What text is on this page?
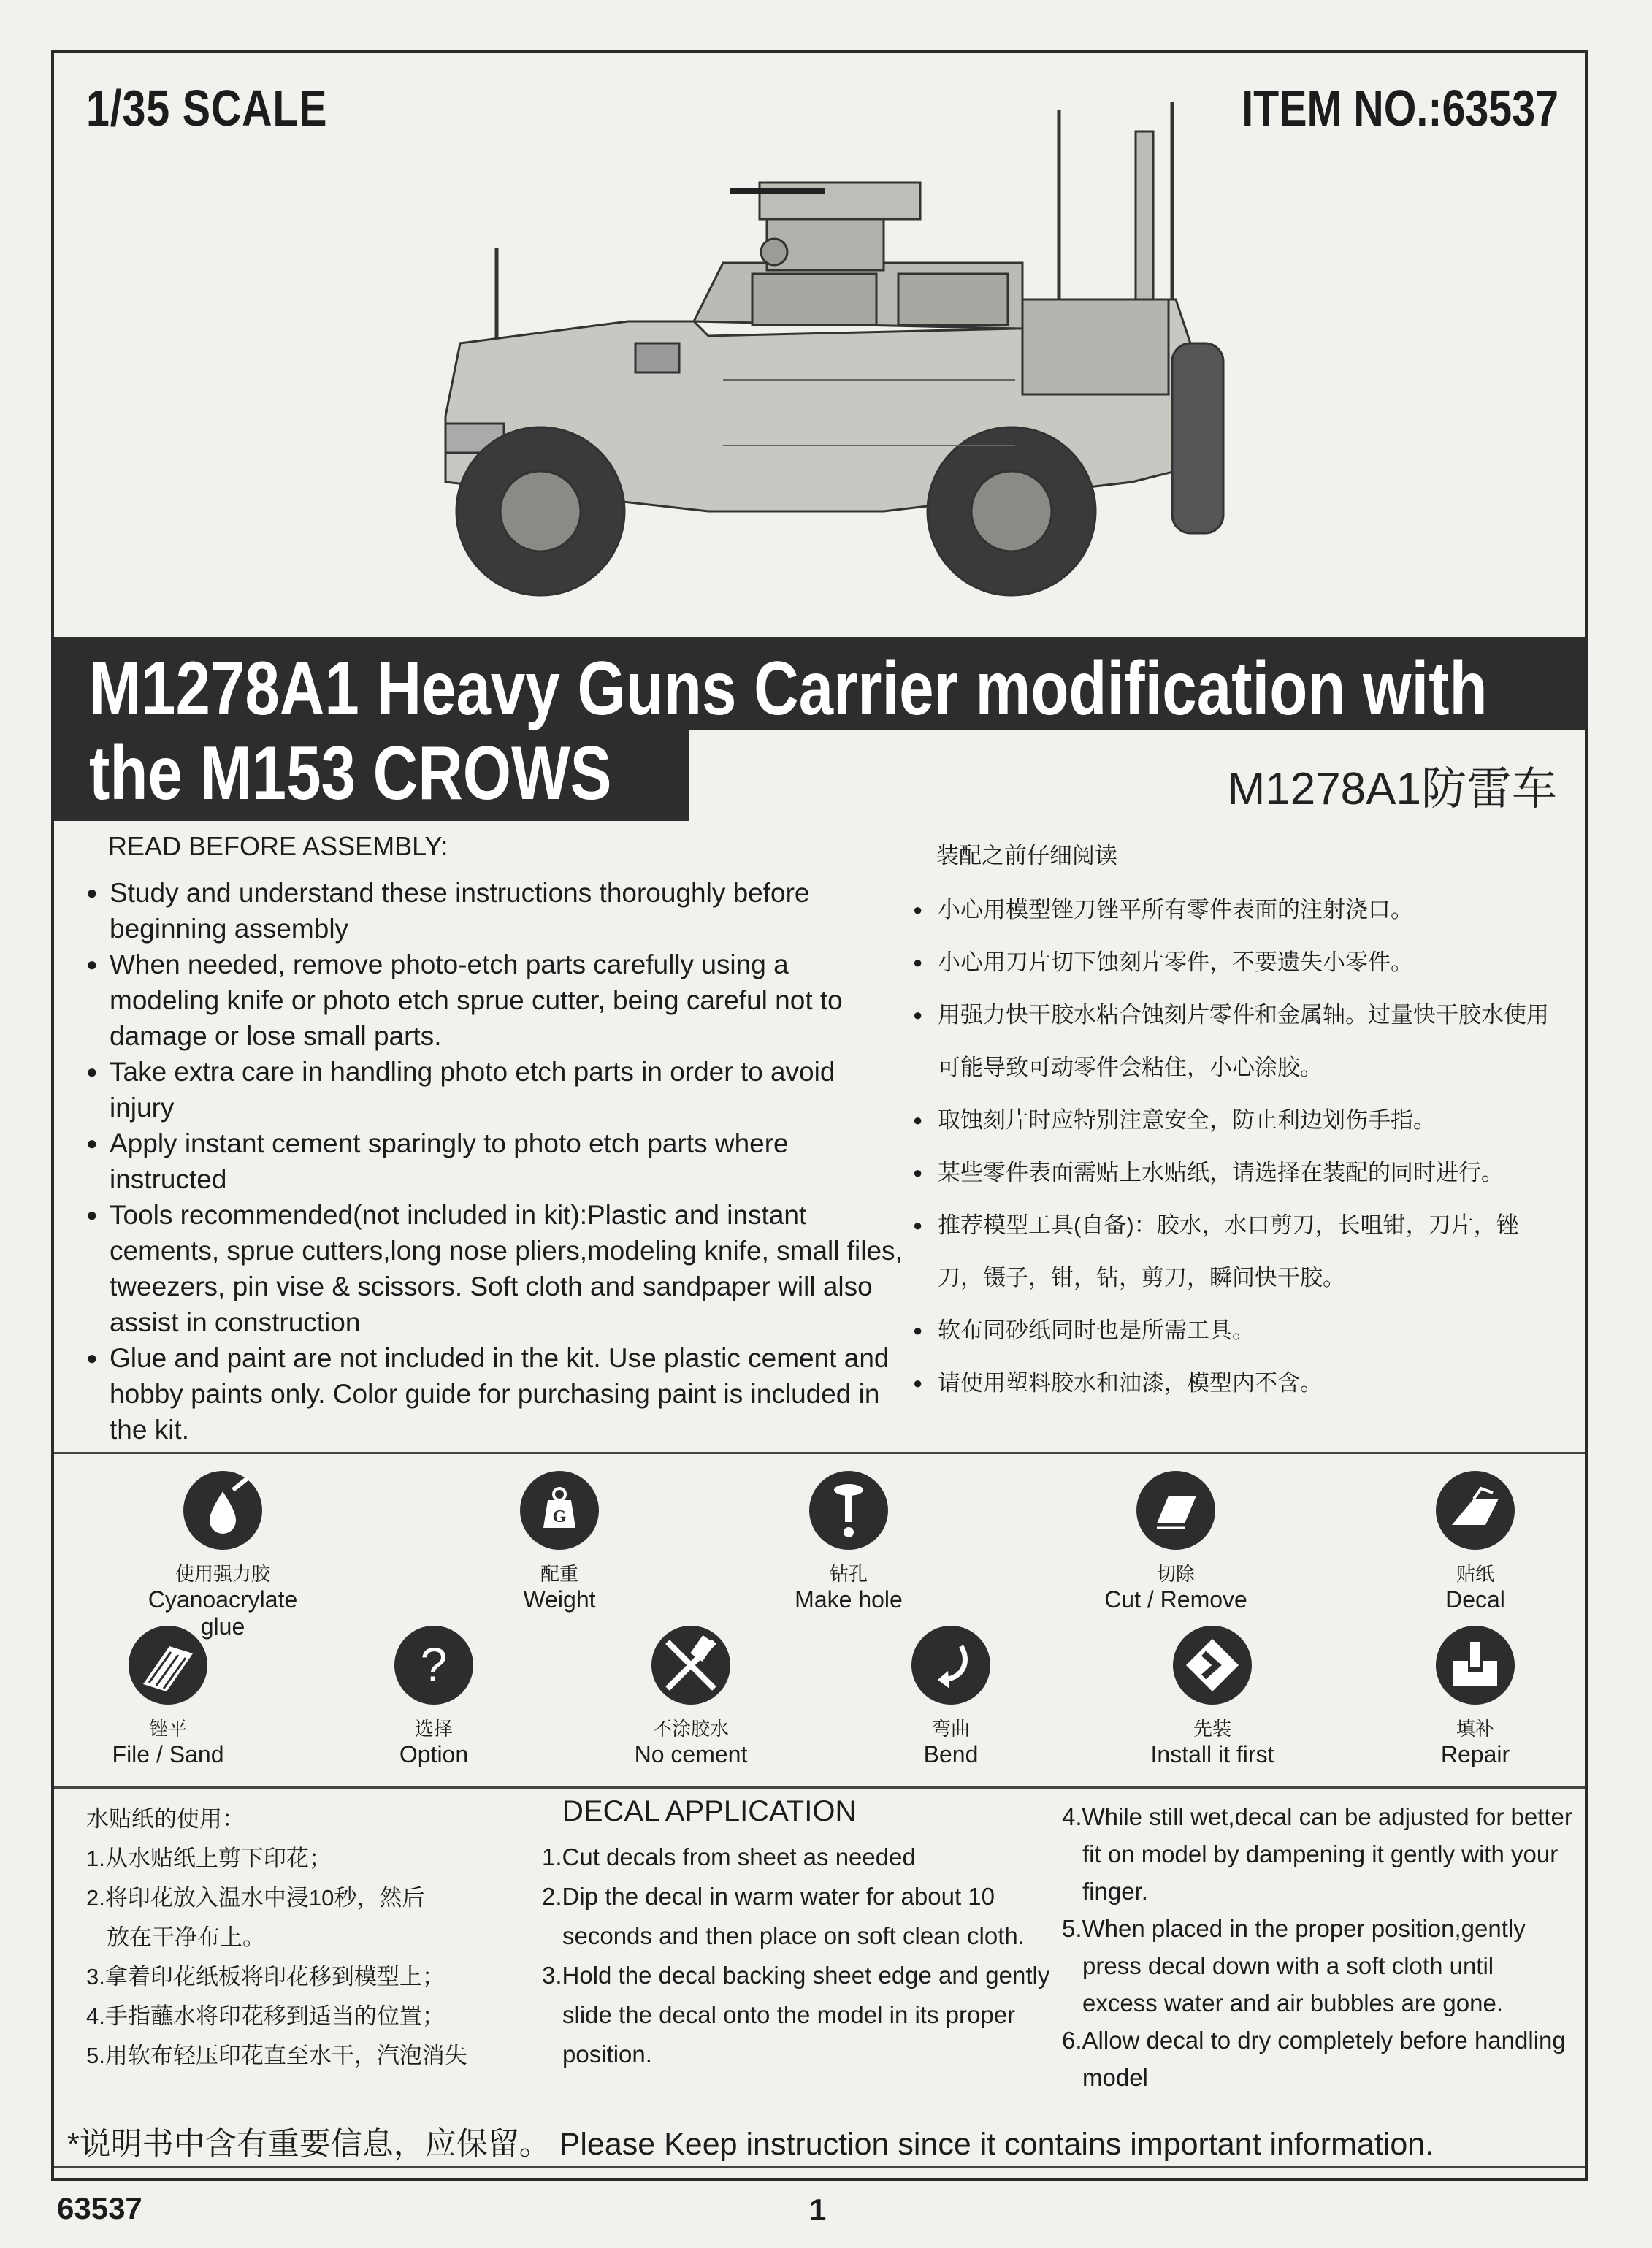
1/35 SCALE	ITEM NO.:63537
M1278A1 Heavy Guns Carrier modification with
the M153 CROWS	M1278A1防雷车
READ BEFORE ASSEMBLY:
● Study and understand these instructions thoroughly before beginning assembly
● When needed, remove photo-etch parts carefully using a modeling knife or photo etch sprue cutter, being careful not to damage or lose small parts.
● Take extra care in handling photo etch parts in order to avoid injury
● Apply instant cement sparingly to photo etch parts where instructed
● Tools recommended(not included in kit):Plastic and instant cements, sprue cutters,long nose pliers,modeling knife, small files, tweezers, pin vise & scissors. Soft cloth and sandpaper will also assist in construction
● Glue and paint are not included in the kit. Use plastic cement and hobby paints only. Color guide for purchasing paint is included in the kit.
装配之前仔细阅读
● 小心用模型锉刀锉平所有零件表面的注射浇口。
● 小心用刀片切下蚀刻片零件，不要遗失小零件。
● 用强力快干胶水粘合蚀刻片零件和金属轴。过量快干胶水使用可能导致可动零件会粘住，小心涂胶。
● 取蚀刻片时应特别注意安全，防止利边划伤手指。
● 某些零件表面需贴上水贴纸，请选择在装配的同时进行。
● 推荐模型工具(自备)：胶水，水口剪刀，长咀钳，刀片，锉刀，镊子，钳，钻，剪刀，瞬间快干胶。
● 软布同砂纸同时也是所需工具。
● 请使用塑料胶水和油漆，模型内不含。
使用强力胶
Cyanoacrylate glue
G
配重
Weight
钻孔
Make hole
切除
Cut / Remove
贴纸
Decal
锉平
File / Sand
?
选择
Option
不涂胶水
No cement
弯曲
Bend
先装
Install it first
填补
Repair
水贴纸的使用：
1.从水贴纸上剪下印花；
2.将印花放入温水中浸10秒，然后
放在干净布上。
3.拿着印花纸板将印花移到模型上；
4.手指蘸水将印花移到适当的位置；
5.用软布轻压印花直至水干，汽泡消失
DECAL APPLICATION

1.Cut decals from sheet as needed

2.Dip the decal in warm water for about 10 seconds and then place on soft clean cloth.

3.Hold the decal backing sheet edge and gently slide the decal onto the model in its proper position.

4.While still wet,decal can be adjusted for better fit on model by dampening it gently with your finger.

5.When placed in the proper position,gently press decal down with a soft cloth until excess water and air bubbles are gone.

6.Allow decal to dry completely before handling model

*说明书中含有重要信息，应保留。 Please Keep instruction since it contains important information.
63537	1
